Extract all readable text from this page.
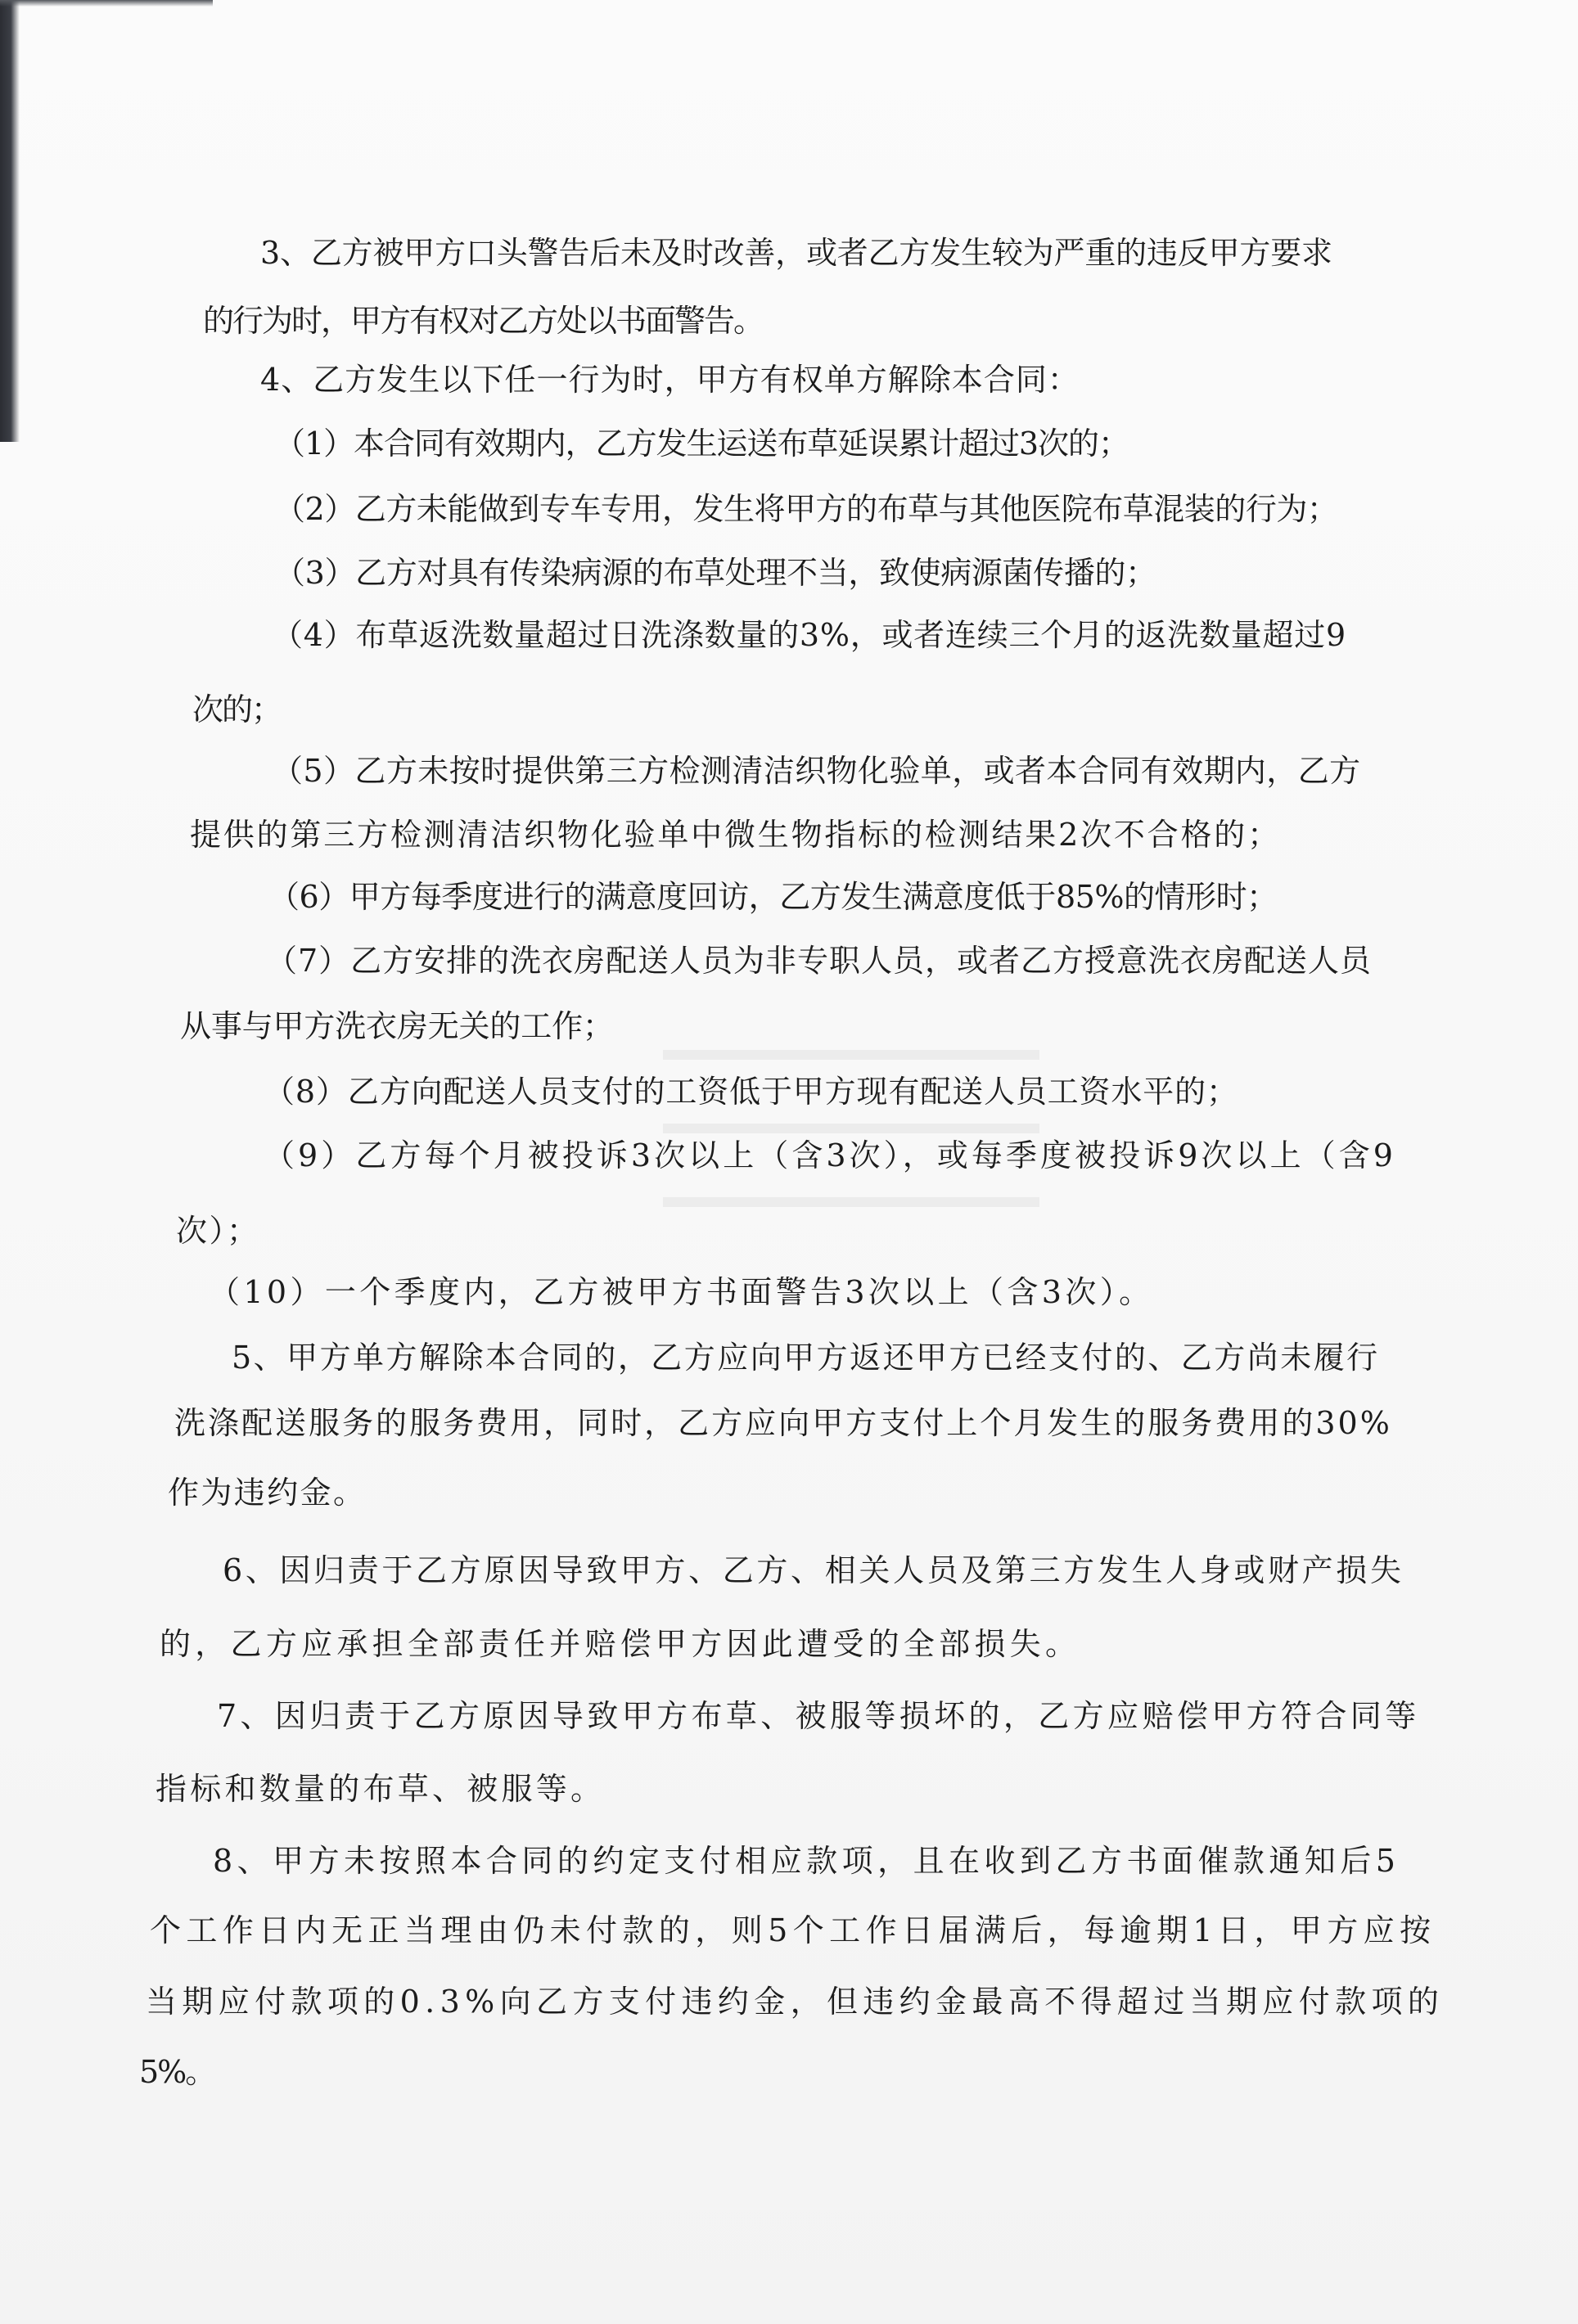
3、乙方被甲方口头警告后未及时改善，或者乙方发生较为严重的违反甲方要求
的行为时，甲方有权对乙方处以书面警告。
4、乙方发生以下任一行为时，甲方有权单方解除本合同：
（1）本合同有效期内，乙方发生运送布草延误累计超过3次的；
（2）乙方未能做到专车专用，发生将甲方的布草与其他医院布草混装的行为；
（3）乙方对具有传染病源的布草处理不当，致使病源菌传播的；
（4）布草返洗数量超过日洗涤数量的3%，或者连续三个月的返洗数量超过9
次的；
（5）乙方未按时提供第三方检测清洁织物化验单，或者本合同有效期内，乙方
提供的第三方检测清洁织物化验单中微生物指标的检测结果2次不合格的；
（6）甲方每季度进行的满意度回访，乙方发生满意度低于85%的情形时；
（7）乙方安排的洗衣房配送人员为非专职人员，或者乙方授意洗衣房配送人员
从事与甲方洗衣房无关的工作；
（8）乙方向配送人员支付的工资低于甲方现有配送人员工资水平的；
（9）乙方每个月被投诉3次以上（含3次），或每季度被投诉9次以上（含9
次）；
（10）一个季度内，乙方被甲方书面警告3次以上（含3次）。
5、甲方单方解除本合同的，乙方应向甲方返还甲方已经支付的、乙方尚未履行
洗涤配送服务的服务费用，同时，乙方应向甲方支付上个月发生的服务费用的30%
作为违约金。
6、因归责于乙方原因导致甲方、乙方、相关人员及第三方发生人身或财产损失
的，乙方应承担全部责任并赔偿甲方因此遭受的全部损失。
7、因归责于乙方原因导致甲方布草、被服等损坏的，乙方应赔偿甲方符合同等
指标和数量的布草、被服等。
8、甲方未按照本合同的约定支付相应款项，且在收到乙方书面催款通知后5
个工作日内无正当理由仍未付款的，则5个工作日届满后，每逾期1日，甲方应按
当期应付款项的0.3%向乙方支付违约金，但违约金最高不得超过当期应付款项的
5%。
